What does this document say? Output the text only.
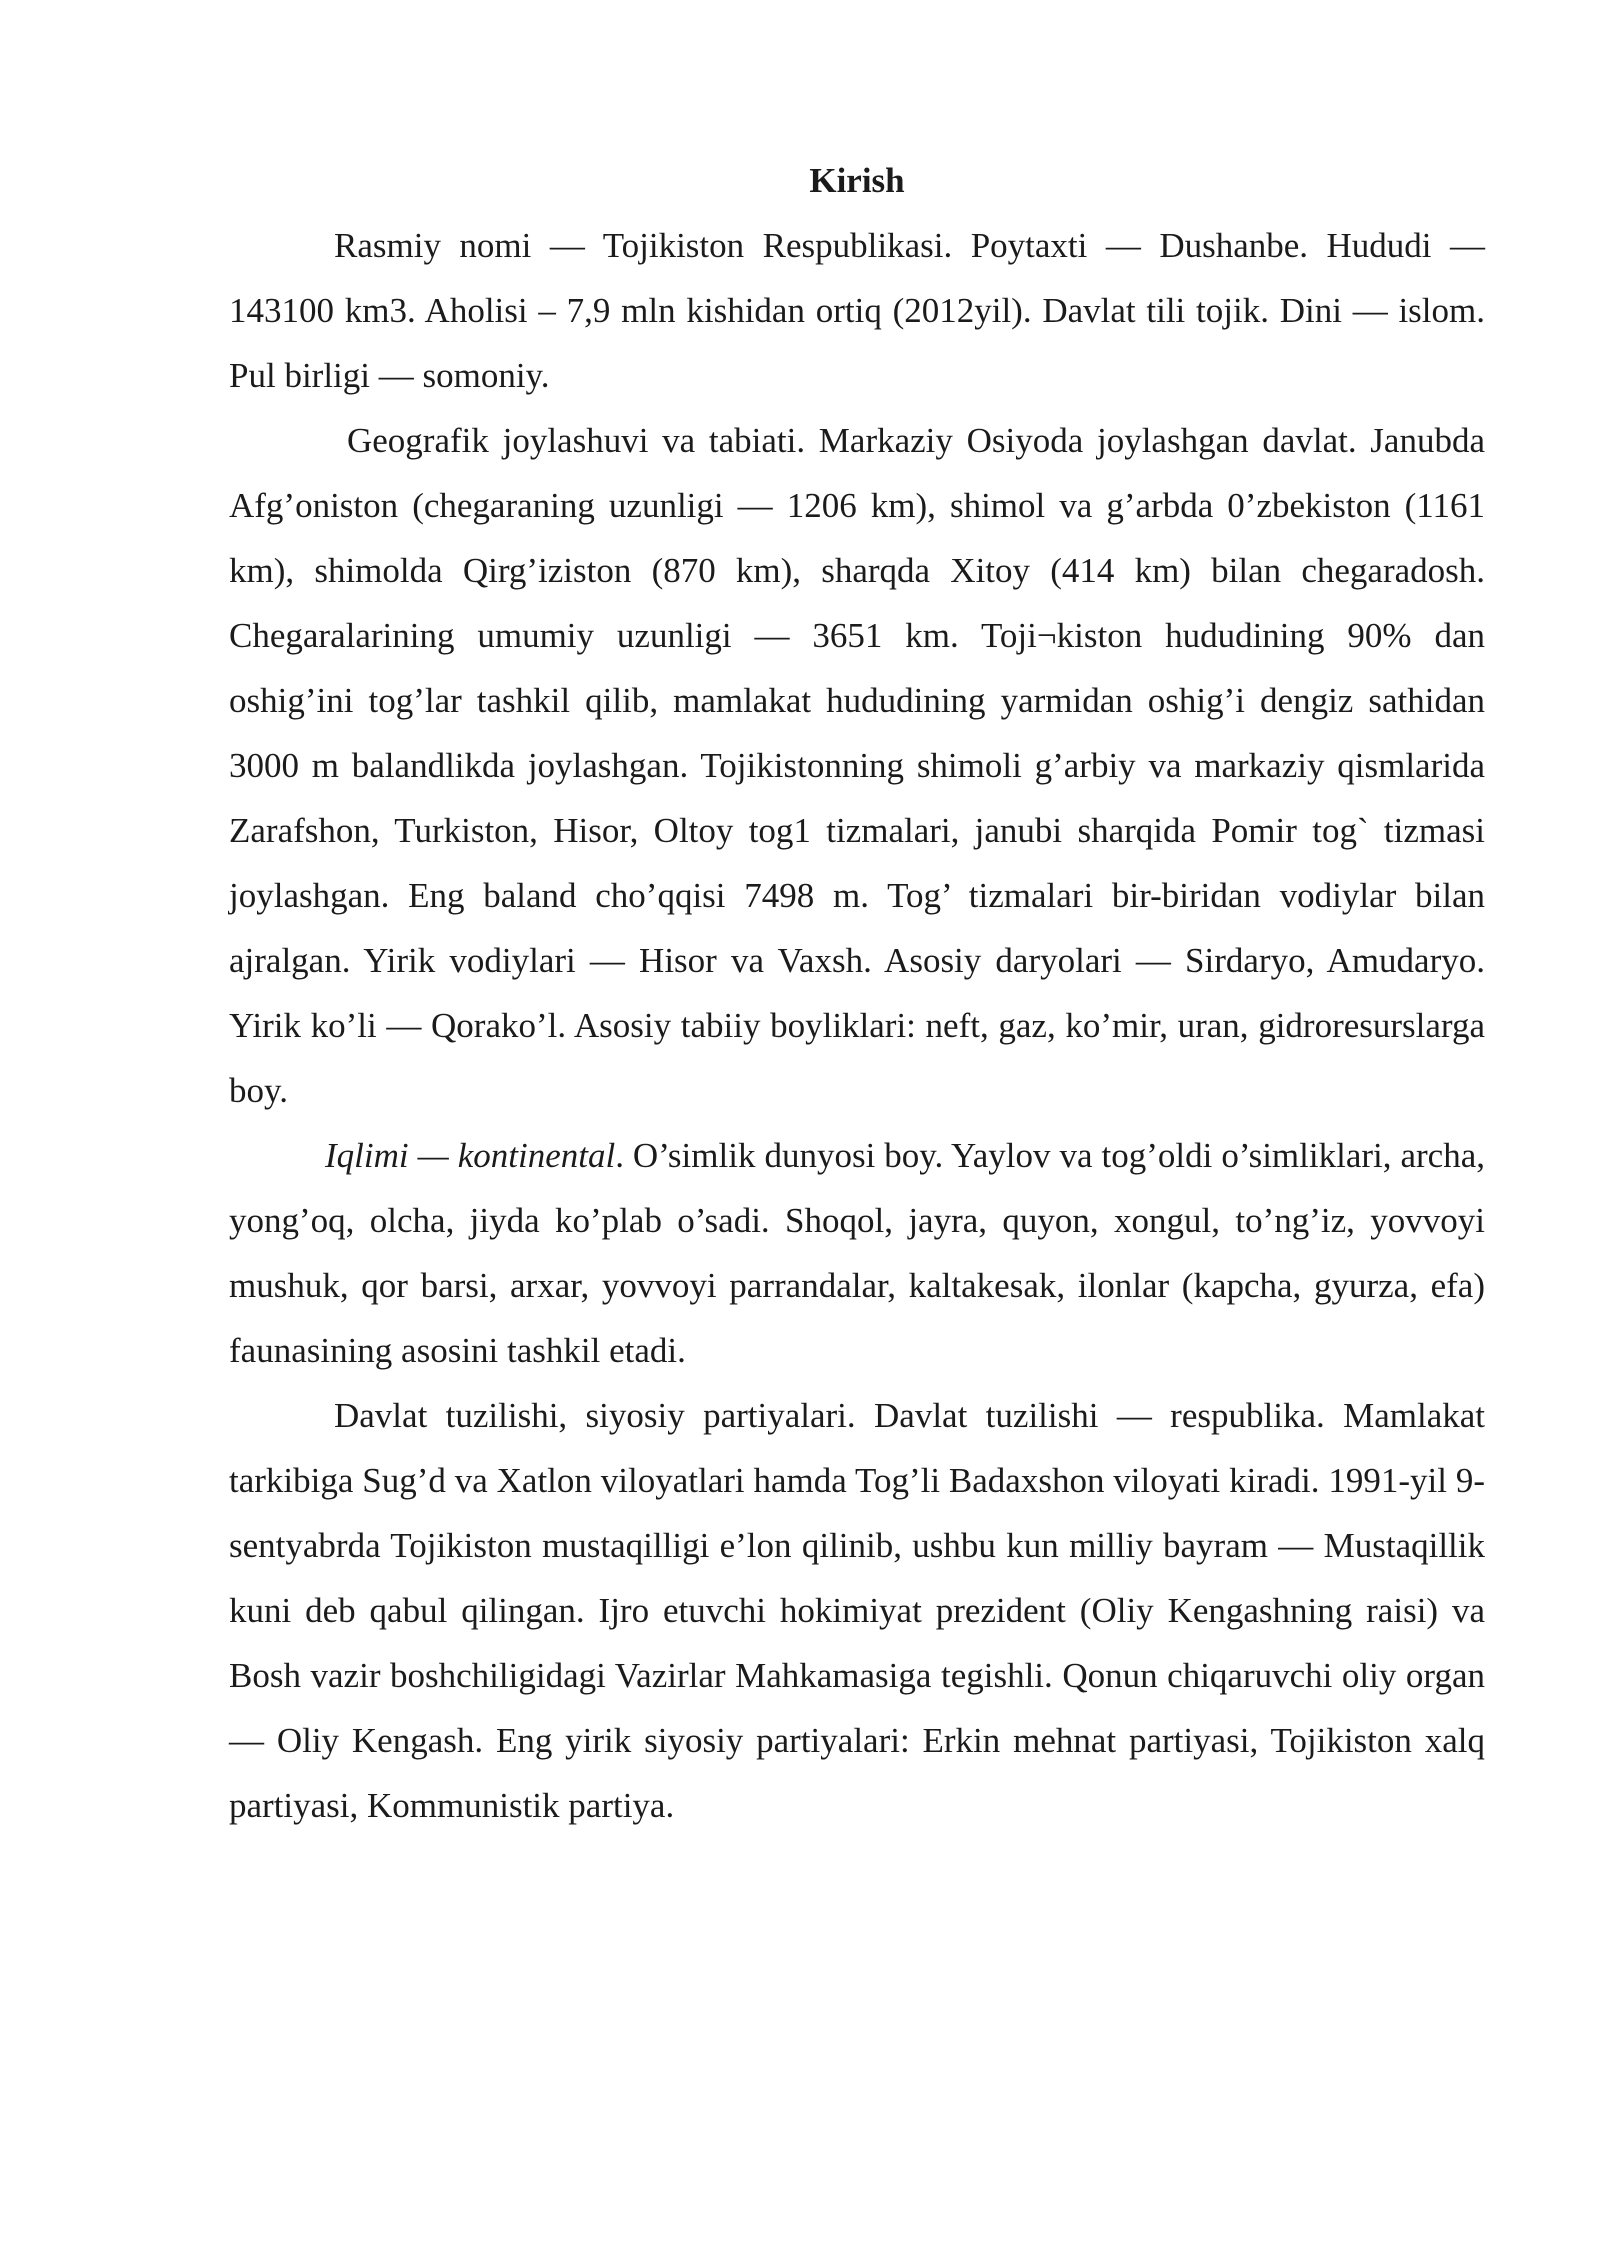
Kirish

Rasmiy nomi — Tojikiston Respublikasi. Poytaxti — Dushanbe. Hududi — 143100 km3. Aholisi – 7,9 mln kishidan ortiq (2012yil). Davlat tili tojik. Dini — islom. Pul birligi — somoniy.

Geografik joylashuvi va tabiati. Markaziy Osiyoda joylashgan davlat. Janubda Afg’oniston (chegaraning uzunligi — 1206 km), shimol va g’arbda 0’zbekiston (1161 km), shimolda Qirg’iziston (870 km), sharqda Xitoy (414 km) bilan chegaradosh. Chegaralarining umumiy uzunligi — 3651 km. Toji¬kiston hududining 90% dan oshig’ini tog’lar tashkil qilib, mamlakat hududining yarmidan oshig’i dengiz sathidan 3000 m balandlikda joylashgan. Tojikistonning shimoli g’arbiy va markaziy qismlarida Zarafshon, Turkiston, Hisor, Oltoy tog1 tizmalari, janubi sharqida Pomir tog` tizmasi joylashgan. Eng baland cho’qqisi 7498 m. Tog’ tizmalari bir-biridan vodiylar bilan ajralgan. Yirik vodiylari — Hisor va Vaxsh. Asosiy daryolari — Sirdaryo, Amudaryo. Yirik ko’li — Qorako’l. Asosiy tabiiy boyliklari: neft, gaz, ko’mir, uran, gidroresurslarga boy.

Iqlimi — kontinental. O’simlik dunyosi boy. Yaylov va tog’oldi o’simliklari, archa, yong’oq, olcha, jiyda ko’plab o’sadi. Shoqol, jayra, quyon, xongul, to’ng’iz, yovvoyi mushuk, qor barsi, arxar, yovvoyi parrandalar, kaltakesak, ilonlar (kapcha, gyurza, efa) faunasining asosini tashkil etadi.

Davlat tuzilishi, siyosiy partiyalari. Davlat tuzilishi — respublika. Mamlakat tarkibiga Sug’d va Xatlon viloyatlari hamda Tog’li Badaxshon viloyati kiradi. 1991-yil 9-sentyabrda Tojikiston mustaqilligi e’lon qilinib, ushbu kun milliy bayram — Mustaqillik kuni deb qabul qilingan. Ijro etuvchi hokimiyat prezident (Oliy Kengashning raisi) va Bosh vazir boshchiligidagi Vazirlar Mahkamasiga tegishli. Qonun chiqaruvchi oliy organ — Oliy Kengash. Eng yirik siyosiy partiyalari: Erkin mehnat partiyasi, Tojikiston xalq partiyasi, Kommunistik partiya.
